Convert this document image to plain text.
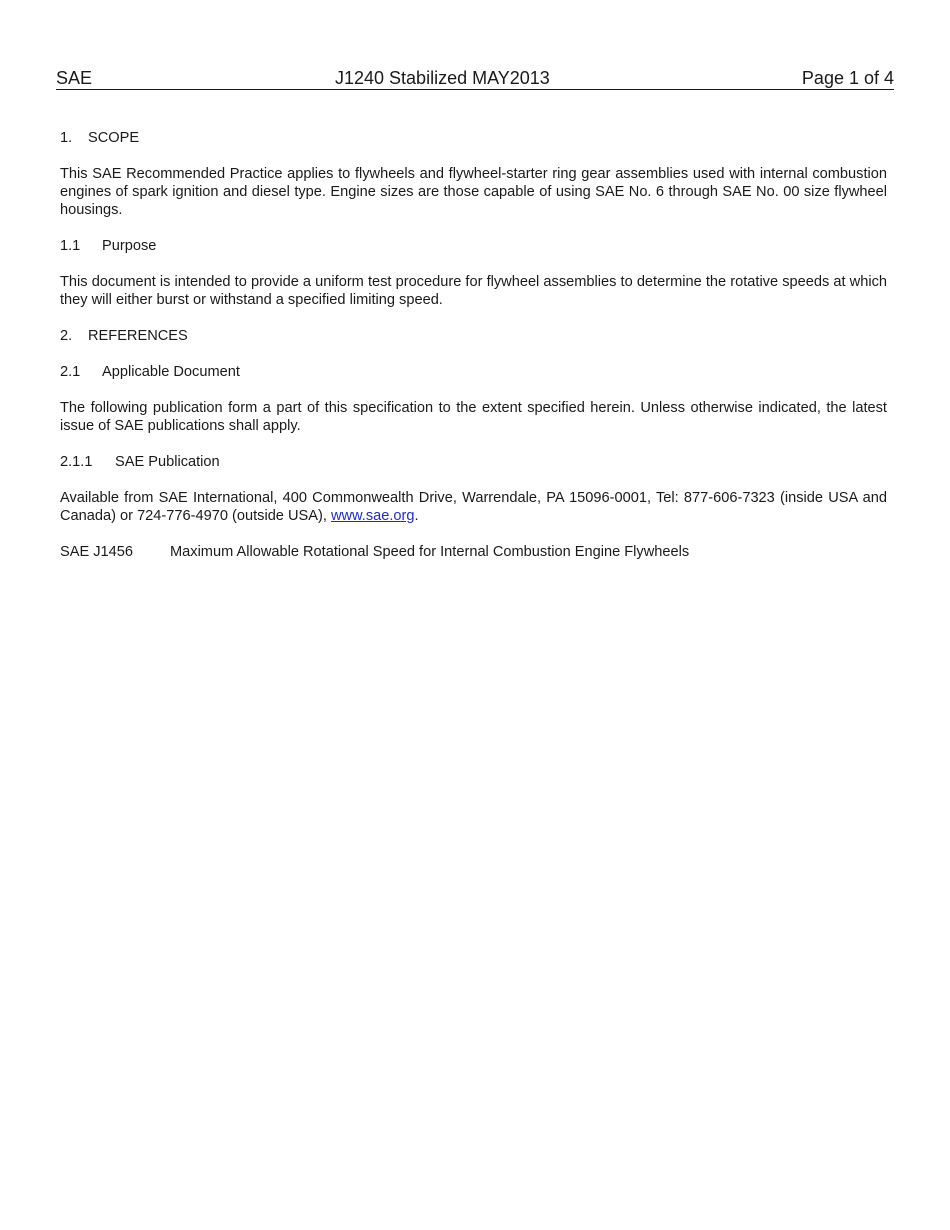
SAE	J1240 Stabilized MAY2013	Page 1 of 4

1. SCOPE

This SAE Recommended Practice applies to flywheels and flywheel-starter ring gear assemblies used with internal combustion engines of spark ignition and diesel type. Engine sizes are those capable of using SAE No. 6 through SAE No. 00 size flywheel housings.

1.1 Purpose

This document is intended to provide a uniform test procedure for flywheel assemblies to determine the rotative speeds at which they will either burst or withstand a specified limiting speed.

2. REFERENCES

2.1 Applicable Document

The following publication form a part of this specification to the extent specified herein. Unless otherwise indicated, the latest issue of SAE publications shall apply.

2.1.1 SAE Publication

Available from SAE International, 400 Commonwealth Drive, Warrendale, PA 15096-0001, Tel: 877-606-7323 (inside USA and Canada) or 724-776-4970 (outside USA), www.sae.org.

SAE J1456	Maximum Allowable Rotational Speed for Internal Combustion Engine Flywheels
